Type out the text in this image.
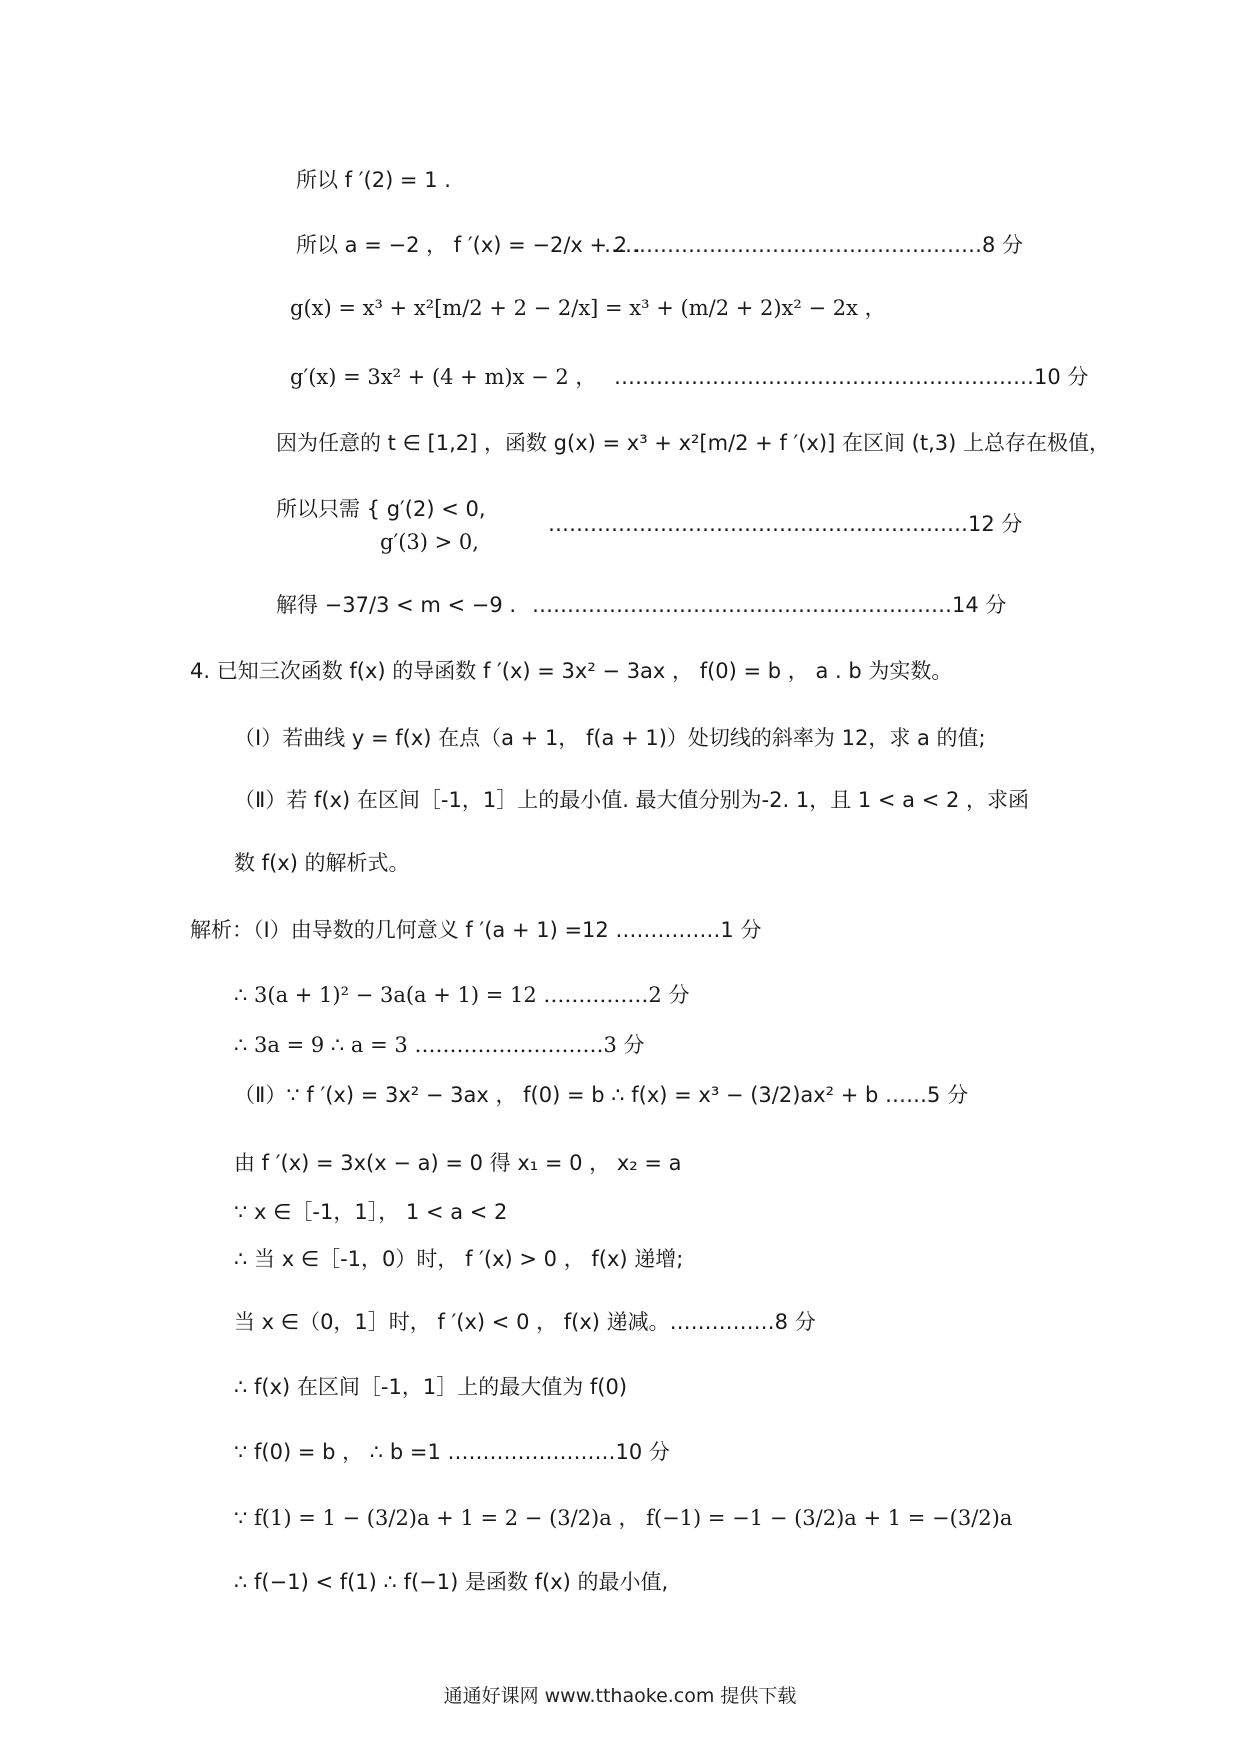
所以 f ′(2) = 1 .
所以 a = −2 ， f ′(x) = −2/x + 2 .
………………………………………………8 分
g(x) = x³ + x²[m/2 + 2 − 2/x] = x³ + (m/2 + 2)x² − 2x ，
g′(x) = 3x² + (4 + m)x − 2 ， ……………………………………………………10 分
因为任意的 t ∈ [1,2] ，函数 g(x) = x³ + x²[m/2 + f ′(x)] 在区间 (t,3) 上总存在极值，
所以只需 { g′(2) < 0,
g′(3) > 0,
……………………………………………………12 分
解得 −37/3 < m < −9 . ……………………………………………………14 分
4. 已知三次函数 f(x) 的导函数 f ′(x) = 3x² − 3ax ， f(0) = b ， a . b 为实数。
（Ⅰ）若曲线 y = f(x) 在点（a + 1， f(a + 1)）处切线的斜率为 12，求 a 的值;
（Ⅱ）若 f(x) 在区间［-1，1］上的最小值. 最大值分别为-2. 1，且 1 < a < 2 ，求函
数 f(x) 的解析式。
解析：（Ⅰ）由导数的几何意义 f ′(a + 1) =12 ……………1 分
∴ 3(a + 1)² − 3a(a + 1) = 12 ……………2 分
∴ 3a = 9 ∴ a = 3 ………………………3 分
（Ⅱ）∵ f ′(x) = 3x² − 3ax ， f(0) = b ∴ f(x) = x³ − (3/2)ax² + b ……5 分
由 f ′(x) = 3x(x − a) = 0 得 x₁ = 0 ， x₂ = a
∵ x ∈［-1，1］， 1 < a < 2
∴ 当 x ∈［-1，0）时， f ′(x) > 0 ， f(x) 递增;
当 x ∈（0，1］时， f ′(x) < 0 ， f(x) 递减。……………8 分
∴ f(x) 在区间［-1，1］上的最大值为 f(0)
∵ f(0) = b ， ∴ b =1 ……………………10 分
∵ f(1) = 1 − (3/2)a + 1 = 2 − (3/2)a ， f(−1) = −1 − (3/2)a + 1 = −(3/2)a
∴ f(−1) < f(1) ∴ f(−1) 是函数 f(x) 的最小值,
通通好课网 www.tthaoke.com 提供下载
